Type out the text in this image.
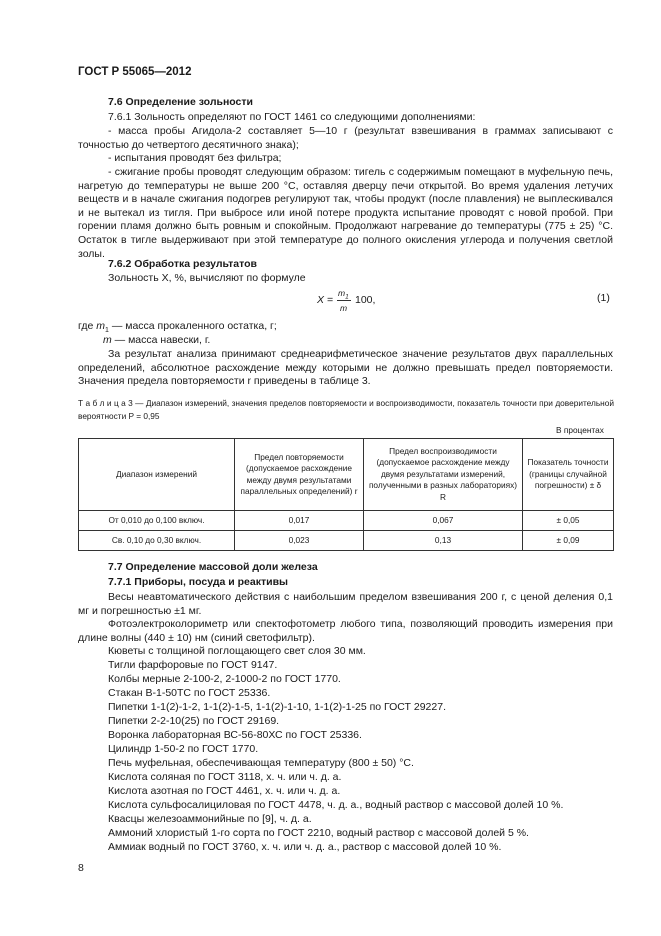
ГОСТ Р 55065—2012
7.6 Определение зольности

7.6.1 Зольность определяют по ГОСТ 1461 со следующими дополнениями:

- масса пробы Агидола-2 составляет 5—10 г (результат взвешивания в граммах записывают с точностью до четвертого десятичного знака);

- испытания проводят без фильтра;

- сжигание пробы проводят следующим образом: тигель с содержимым помещают в муфельную печь, нагретую до температуры не выше 200 °С, оставляя дверцу печи открытой. Во время удаления летучих веществ и в начале сжигания подогрев регулируют так, чтобы продукт (после плавления) не выплескивался и не вытекал из тигля. При выбросе или иной потере продукта испытание проводят с новой пробой. При горении пламя должно быть ровным и спокойным. Продолжают нагревание до температуры (775 ± 25) °С. Остаток в тигле выдерживают при этой температуре до полного окисления углерода и получения светлой золы.

7.6.2 Обработка результатов

Зольность X, %, вычисляют по формуле

X =
$m_1$
m
100,	(1)
где $m_1$ — масса прокаленного остатка, г;
m — масса навески, г.

За результат анализа принимают среднеарифметическое значение результатов двух параллельных определений, абсолютное расхождение между которыми не должно превышать предел повторяемости. Значения предела повторяемости r приведены в таблице 3.

Т а б л и ц а 3 — Диапазон измерений, значения пределов повторяемости и воспроизводимости, показатель точности при доверительной вероятности P = 0,95

В процентах
Диапазон измерений	Предел повторяемости (допускаемое расхождение между двумя результатами параллельных определений) r	Предел воспроизводимости (допускаемое расхождение между двумя результатами измерений, полученными в разных лабораториях) R	Показатель точности (границы случайной погрешности) ± δ
От 0,010 до 0,100 включ.	0,017	0,067	± 0,05
Св. 0,10 до 0,30 включ.	0,023	0,13	± 0,09
7.7 Определение массовой доли железа
7.7.1 Приборы, посуда и реактивы

Весы неавтоматического действия с наибольшим пределом взвешивания 200 г, с ценой деления 0,1 мг и погрешностью ±1 мг.

Фотоэлектроколориметр или спектофотометр любого типа, позволяющий проводить измерения при длине волны (440 ± 10) нм (синий светофильтр).

Кюветы с толщиной поглощающего свет слоя 30 мм.
Тигли фарфоровые по ГОСТ 9147.
Колбы мерные 2-100-2, 2-1000-2 по ГОСТ 1770.
Стакан В-1-50ТС по ГОСТ 25336.
Пипетки 1-1(2)-1-2, 1-1(2)-1-5, 1-1(2)-1-10, 1-1(2)-1-25 по ГОСТ 29227.
Пипетки 2-2-10(25) по ГОСТ 29169.
Воронка лабораторная ВС-56-80ХС по ГОСТ 25336.
Цилиндр 1-50-2 по ГОСТ 1770.
Печь муфельная, обеспечивающая температуру (800 ± 50) °С.
Кислота соляная по ГОСТ 3118, х. ч. или ч. д. а.
Кислота азотная по ГОСТ 4461, х. ч. или ч. д. а.
Кислота сульфосалициловая по ГОСТ 4478, ч. д. а., водный раствор с массовой долей 10 %.
Квасцы железоаммонийные по [9], ч. д. а.
Аммоний хлористый 1-го сорта по ГОСТ 2210, водный раствор с массовой долей 5 %.
Аммиак водный по ГОСТ 3760, х. ч. или ч. д. а., раствор с массовой долей 10 %.
8
